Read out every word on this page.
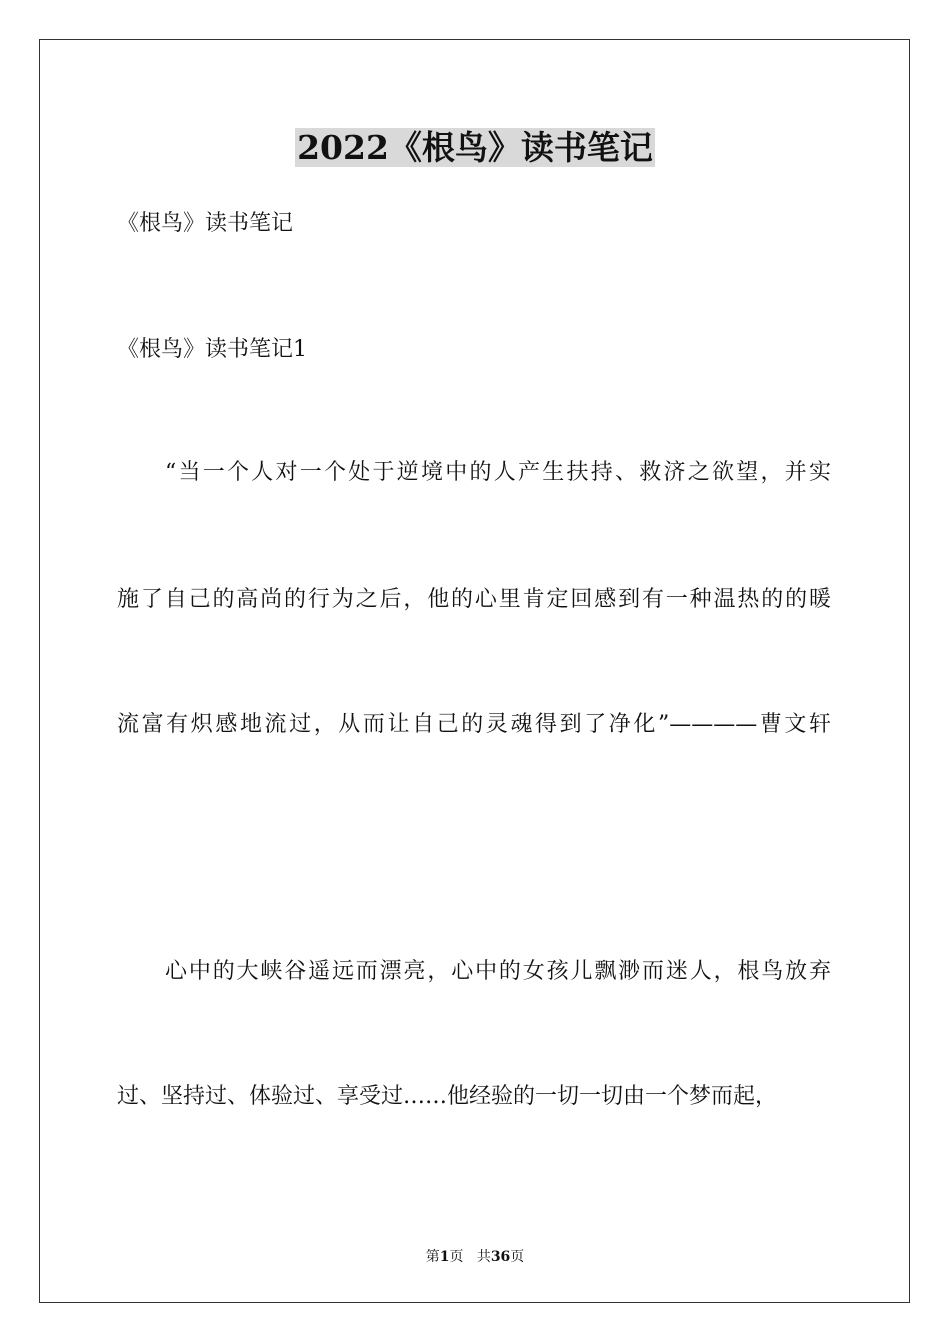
2022《根鸟》读书笔记
《根鸟》读书笔记
《根鸟》读书笔记1
“当一个人对一个处于逆境中的人产生扶持、救济之欲望，并实
施了自己的高尚的行为之后，他的心里肯定回感到有一种温热的的暖
流富有炽感地流过，从而让自己的灵魂得到了净化”————曹文轩
心中的大峡谷遥远而漂亮，心中的女孩儿飘渺而迷人，根鸟放弃
过、坚持过、体验过、享受过……他经验的一切一切由一个梦而起，
第1页 共36页
